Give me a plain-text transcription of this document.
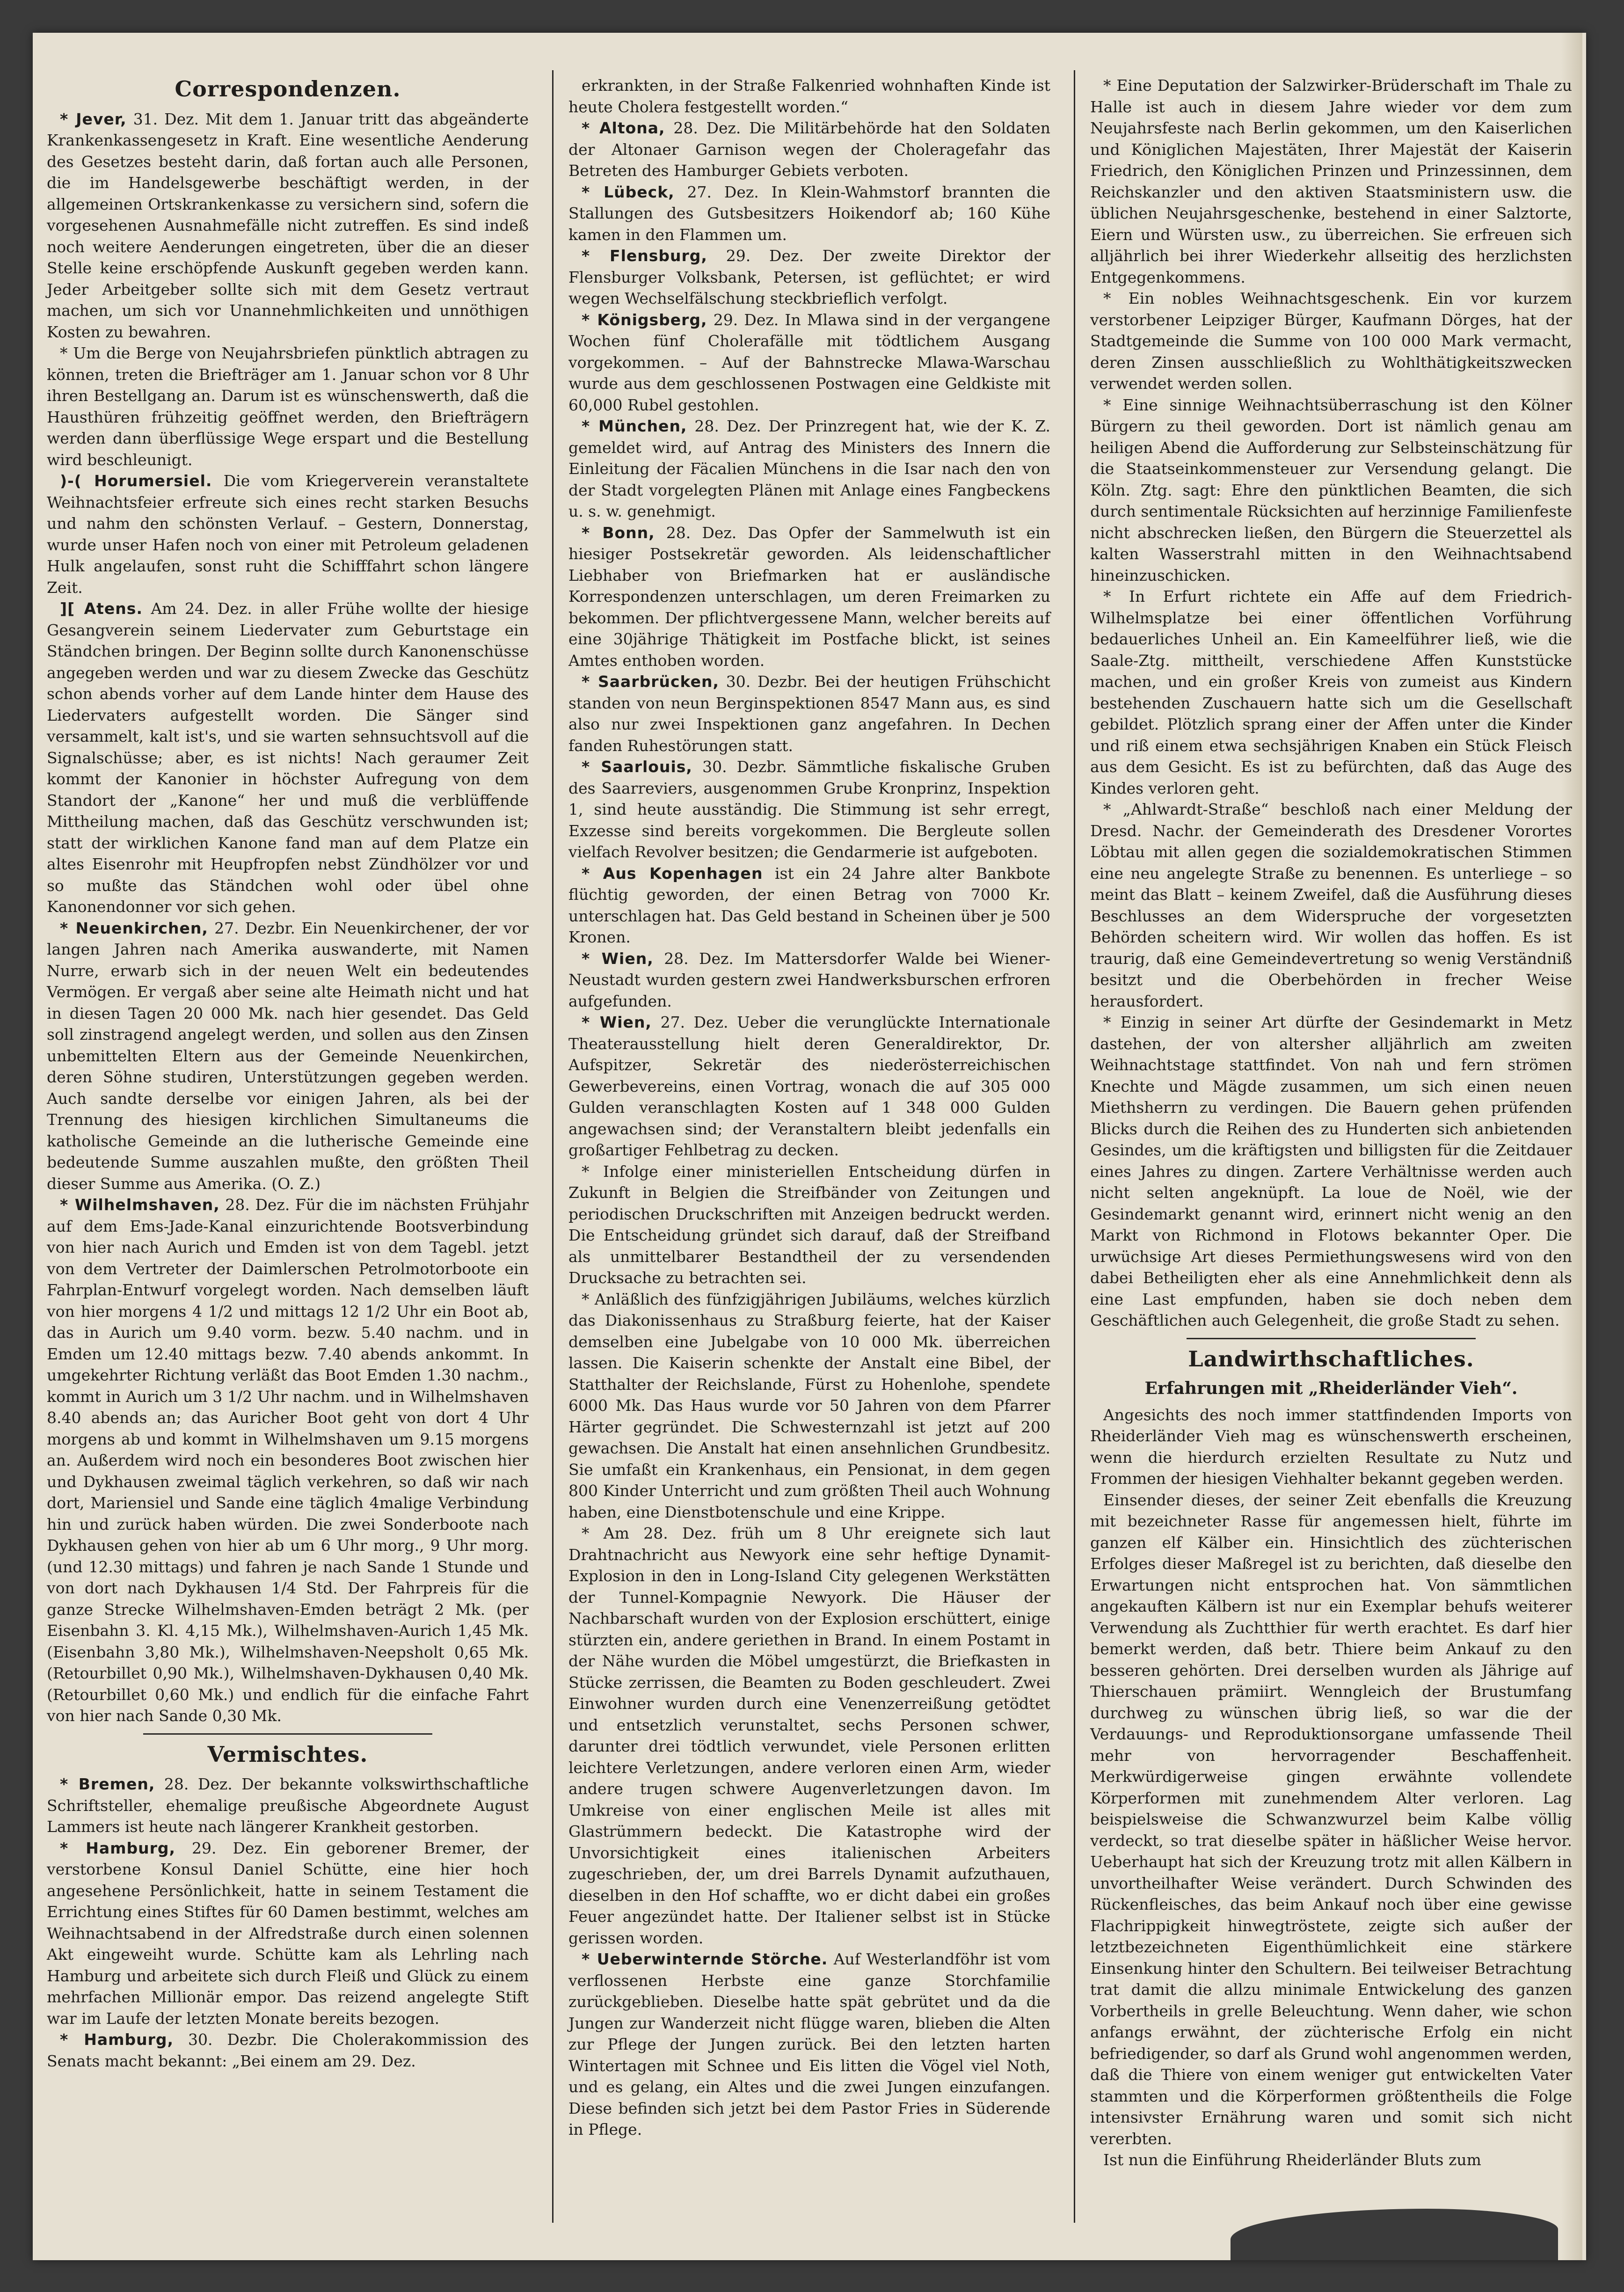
Correspondenzen.

* Jever, 31. Dez. Mit dem 1. Januar tritt das abgeänderte Krankenkassengesetz in Kraft. Eine wesentliche Aenderung des Gesetzes besteht darin, daß fortan auch alle Personen, die im Handelsgewerbe beschäftigt werden, in der allgemeinen Ortskrankenkasse zu versichern sind, sofern die vorgesehenen Ausnahmefälle nicht zutreffen. Es sind indeß noch weitere Aenderungen eingetreten, über die an dieser Stelle keine erschöpfende Auskunft gegeben werden kann. Jeder Arbeitgeber sollte sich mit dem Gesetz vertraut machen, um sich vor Unannehmlichkeiten und unnöthigen Kosten zu bewahren.

* Um die Berge von Neujahrsbriefen pünktlich abtragen zu können, treten die Briefträger am 1. Januar schon vor 8 Uhr ihren Bestellgang an. Darum ist es wünschenswerth, daß die Hausthüren frühzeitig geöffnet werden, den Briefträgern werden dann überflüssige Wege erspart und die Bestellung wird beschleunigt.

)-( Horumersiel. Die vom Kriegerverein veranstaltete Weihnachtsfeier erfreute sich eines recht starken Besuchs und nahm den schönsten Verlauf. – Gestern, Donnerstag, wurde unser Hafen noch von einer mit Petroleum geladenen Hulk angelaufen, sonst ruht die Schifffahrt schon längere Zeit.

][ Atens. Am 24. Dez. in aller Frühe wollte der hiesige Gesangverein seinem Liedervater zum Geburtstage ein Ständchen bringen. Der Beginn sollte durch Kanonenschüsse angegeben werden und war zu diesem Zwecke das Geschütz schon abends vorher auf dem Lande hinter dem Hause des Liedervaters aufgestellt worden. Die Sänger sind versammelt, kalt ist's, und sie warten sehnsuchtsvoll auf die Signalschüsse; aber, es ist nichts! Nach geraumer Zeit kommt der Kanonier in höchster Aufregung von dem Standort der „Kanone“ her und muß die verblüffende Mittheilung machen, daß das Geschütz verschwunden ist; statt der wirklichen Kanone fand man auf dem Platze ein altes Eisenrohr mit Heupfropfen nebst Zündhölzer vor und so mußte das Ständchen wohl oder übel ohne Kanonendonner vor sich gehen.

* Neuenkirchen, 27. Dezbr. Ein Neuenkirchener, der vor langen Jahren nach Amerika auswanderte, mit Namen Nurre, erwarb sich in der neuen Welt ein bedeutendes Vermögen. Er vergaß aber seine alte Heimath nicht und hat in diesen Tagen 20 000 Mk. nach hier gesendet. Das Geld soll zinstragend angelegt werden, und sollen aus den Zinsen unbemittelten Eltern aus der Gemeinde Neuenkirchen, deren Söhne studiren, Unterstützungen gegeben werden. Auch sandte derselbe vor einigen Jahren, als bei der Trennung des hiesigen kirchlichen Simultaneums die katholische Gemeinde an die lutherische Gemeinde eine bedeutende Summe auszahlen mußte, den größten Theil dieser Summe aus Amerika. (O. Z.)

* Wilhelmshaven, 28. Dez. Für die im nächsten Frühjahr auf dem Ems-Jade-Kanal einzurichtende Bootsverbindung von hier nach Aurich und Emden ist von dem Tagebl. jetzt von dem Vertreter der Daimlerschen Petrolmotorboote ein Fahrplan-Entwurf vorgelegt worden. Nach demselben läuft von hier morgens 4 1/2 und mittags 12 1/2 Uhr ein Boot ab, das in Aurich um 9.40 vorm. bezw. 5.40 nachm. und in Emden um 12.40 mittags bezw. 7.40 abends ankommt. In umgekehrter Richtung verläßt das Boot Emden 1.30 nachm., kommt in Aurich um 3 1/2 Uhr nachm. und in Wilhelmshaven 8.40 abends an; das Auricher Boot geht von dort 4 Uhr morgens ab und kommt in Wilhelmshaven um 9.15 morgens an. Außerdem wird noch ein besonderes Boot zwischen hier und Dykhausen zweimal täglich verkehren, so daß wir nach dort, Mariensiel und Sande eine täglich 4malige Verbindung hin und zurück haben würden. Die zwei Sonderboote nach Dykhausen gehen von hier ab um 6 Uhr morg., 9 Uhr morg. (und 12.30 mittags) und fahren je nach Sande 1 Stunde und von dort nach Dykhausen 1/4 Std. Der Fahrpreis für die ganze Strecke Wilhelmshaven-Emden beträgt 2 Mk. (per Eisenbahn 3. Kl. 4,15 Mk.), Wilhelmshaven-Aurich 1,45 Mk. (Eisenbahn 3,80 Mk.), Wilhelmshaven-Neepsholt 0,65 Mk. (Retourbillet 0,90 Mk.), Wilhelmshaven-Dykhausen 0,40 Mk. (Retourbillet 0,60 Mk.) und endlich für die einfache Fahrt von hier nach Sande 0,30 Mk.

Vermischtes.

* Bremen, 28. Dez. Der bekannte volkswirthschaftliche Schriftsteller, ehemalige preußische Abgeordnete August Lammers ist heute nach längerer Krankheit gestorben.

* Hamburg, 29. Dez. Ein geborener Bremer, der verstorbene Konsul Daniel Schütte, eine hier hoch angesehene Persönlichkeit, hatte in seinem Testament die Errichtung eines Stiftes für 60 Damen bestimmt, welches am Weihnachtsabend in der Alfredstraße durch einen solennen Akt eingeweiht wurde. Schütte kam als Lehrling nach Hamburg und arbeitete sich durch Fleiß und Glück zu einem mehrfachen Millionär empor. Das reizend angelegte Stift war im Laufe der letzten Monate bereits bezogen.

* Hamburg, 30. Dezbr. Die Cholerakommission des Senats macht bekannt: „Bei einem am 29. Dez.

erkrankten, in der Straße Falkenried wohnhaften Kinde ist heute Cholera festgestellt worden.“

* Altona, 28. Dez. Die Militärbehörde hat den Soldaten der Altonaer Garnison wegen der Choleragefahr das Betreten des Hamburger Gebiets verboten.

* Lübeck, 27. Dez. In Klein-Wahmstorf brannten die Stallungen des Gutsbesitzers Hoikendorf ab; 160 Kühe kamen in den Flammen um.

* Flensburg, 29. Dez. Der zweite Direktor der Flensburger Volksbank, Petersen, ist geflüchtet; er wird wegen Wechselfälschung steckbrieflich verfolgt.

* Königsberg, 29. Dez. In Mlawa sind in der vergangene Wochen fünf Cholerafälle mit tödtlichem Ausgang vorgekommen. – Auf der Bahnstrecke Mlawa-Warschau wurde aus dem geschlossenen Postwagen eine Geldkiste mit 60,000 Rubel gestohlen.

* München, 28. Dez. Der Prinzregent hat, wie der K. Z. gemeldet wird, auf Antrag des Ministers des Innern die Einleitung der Fäcalien Münchens in die Isar nach den von der Stadt vorgelegten Plänen mit Anlage eines Fangbeckens u. s. w. genehmigt.

* Bonn, 28. Dez. Das Opfer der Sammelwuth ist ein hiesiger Postsekretär geworden. Als leidenschaftlicher Liebhaber von Briefmarken hat er ausländische Korrespondenzen unterschlagen, um deren Freimarken zu bekommen. Der pflichtvergessene Mann, welcher bereits auf eine 30jährige Thätigkeit im Postfache blickt, ist seines Amtes enthoben worden.

* Saarbrücken, 30. Dezbr. Bei der heutigen Frühschicht standen von neun Berginspektionen 8547 Mann aus, es sind also nur zwei Inspektionen ganz angefahren. In Dechen fanden Ruhestörungen statt.

* Saarlouis, 30. Dezbr. Sämmtliche fiskalische Gruben des Saarreviers, ausgenommen Grube Kronprinz, Inspektion 1, sind heute ausständig. Die Stimmung ist sehr erregt, Exzesse sind bereits vorgekommen. Die Bergleute sollen vielfach Revolver besitzen; die Gendarmerie ist aufgeboten.

* Aus Kopenhagen ist ein 24 Jahre alter Bankbote flüchtig geworden, der einen Betrag von 7000 Kr. unterschlagen hat. Das Geld bestand in Scheinen über je 500 Kronen.

* Wien, 28. Dez. Im Mattersdorfer Walde bei Wiener-Neustadt wurden gestern zwei Handwerksburschen erfroren aufgefunden.

* Wien, 27. Dez. Ueber die verunglückte Internationale Theaterausstellung hielt deren Generaldirektor, Dr. Aufspitzer, Sekretär des niederösterreichischen Gewerbevereins, einen Vortrag, wonach die auf 305 000 Gulden veranschlagten Kosten auf 1 348 000 Gulden angewachsen sind; der Veranstaltern bleibt jedenfalls ein großartiger Fehlbetrag zu decken.

* Infolge einer ministeriellen Entscheidung dürfen in Zukunft in Belgien die Streifbänder von Zeitungen und periodischen Druckschriften mit Anzeigen bedruckt werden. Die Entscheidung gründet sich darauf, daß der Streifband als unmittelbarer Bestandtheil der zu versendenden Drucksache zu betrachten sei.

* Anläßlich des fünfzigjährigen Jubiläums, welches kürzlich das Diakonissenhaus zu Straßburg feierte, hat der Kaiser demselben eine Jubelgabe von 10 000 Mk. überreichen lassen. Die Kaiserin schenkte der Anstalt eine Bibel, der Statthalter der Reichslande, Fürst zu Hohenlohe, spendete 6000 Mk. Das Haus wurde vor 50 Jahren von dem Pfarrer Härter gegründet. Die Schwesternzahl ist jetzt auf 200 gewachsen. Die Anstalt hat einen ansehnlichen Grundbesitz. Sie umfaßt ein Krankenhaus, ein Pensionat, in dem gegen 800 Kinder Unterricht und zum größten Theil auch Wohnung haben, eine Dienstbotenschule und eine Krippe.

* Am 28. Dez. früh um 8 Uhr ereignete sich laut Drahtnachricht aus Newyork eine sehr heftige Dynamit-Explosion in den in Long-Island City gelegenen Werkstätten der Tunnel-Kompagnie Newyork. Die Häuser der Nachbarschaft wurden von der Explosion erschüttert, einige stürzten ein, andere geriethen in Brand. In einem Postamt in der Nähe wurden die Möbel umgestürzt, die Briefkasten in Stücke zerrissen, die Beamten zu Boden geschleudert. Zwei Einwohner wurden durch eine Venenzerreißung getödtet und entsetzlich verunstaltet, sechs Personen schwer, darunter drei tödtlich verwundet, viele Personen erlitten leichtere Verletzungen, andere verloren einen Arm, wieder andere trugen schwere Augenverletzungen davon. Im Umkreise von einer englischen Meile ist alles mit Glastrümmern bedeckt. Die Katastrophe wird der Unvorsichtigkeit eines italienischen Arbeiters zugeschrieben, der, um drei Barrels Dynamit aufzuthauen, dieselben in den Hof schaffte, wo er dicht dabei ein großes Feuer angezündet hatte. Der Italiener selbst ist in Stücke gerissen worden.

* Ueberwinternde Störche. Auf Westerlandföhr ist vom verflossenen Herbste eine ganze Storchfamilie zurückgeblieben. Dieselbe hatte spät gebrütet und da die Jungen zur Wanderzeit nicht flügge waren, blieben die Alten zur Pflege der Jungen zurück. Bei den letzten harten Wintertagen mit Schnee und Eis litten die Vögel viel Noth, und es gelang, ein Altes und die zwei Jungen einzufangen. Diese befinden sich jetzt bei dem Pastor Fries in Süderende in Pflege.

* Eine Deputation der Salzwirker-Brüderschaft im Thale zu Halle ist auch in diesem Jahre wieder vor dem zum Neujahrsfeste nach Berlin gekommen, um den Kaiserlichen und Königlichen Majestäten, Ihrer Majestät der Kaiserin Friedrich, den Königlichen Prinzen und Prinzessinnen, dem Reichskanzler und den aktiven Staatsministern usw. die üblichen Neujahrsgeschenke, bestehend in einer Salztorte, Eiern und Würsten usw., zu überreichen. Sie erfreuen sich alljährlich bei ihrer Wiederkehr allseitig des herzlichsten Entgegenkommens.

* Ein nobles Weihnachtsgeschenk. Ein vor kurzem verstorbener Leipziger Bürger, Kaufmann Dörges, hat der Stadtgemeinde die Summe von 100 000 Mark vermacht, deren Zinsen ausschließlich zu Wohlthätigkeitszwecken verwendet werden sollen.

* Eine sinnige Weihnachtsüberraschung ist den Kölner Bürgern zu theil geworden. Dort ist nämlich genau am heiligen Abend die Aufforderung zur Selbsteinschätzung für die Staatseinkommensteuer zur Versendung gelangt. Die Köln. Ztg. sagt: Ehre den pünktlichen Beamten, die sich durch sentimentale Rücksichten auf herzinnige Familienfeste nicht abschrecken ließen, den Bürgern die Steuerzettel als kalten Wasserstrahl mitten in den Weihnachtsabend hineinzuschicken.

* In Erfurt richtete ein Affe auf dem Friedrich-Wilhelmsplatze bei einer öffentlichen Vorführung bedauerliches Unheil an. Ein Kameelführer ließ, wie die Saale-Ztg. mittheilt, verschiedene Affen Kunststücke machen, und ein großer Kreis von zumeist aus Kindern bestehenden Zuschauern hatte sich um die Gesellschaft gebildet. Plötzlich sprang einer der Affen unter die Kinder und riß einem etwa sechsjährigen Knaben ein Stück Fleisch aus dem Gesicht. Es ist zu befürchten, daß das Auge des Kindes verloren geht.

* „Ahlwardt-Straße“ beschloß nach einer Meldung der Dresd. Nachr. der Gemeinderath des Dresdener Vorortes Löbtau mit allen gegen die sozialdemokratischen Stimmen eine neu angelegte Straße zu benennen. Es unterliege – so meint das Blatt – keinem Zweifel, daß die Ausführung dieses Beschlusses an dem Widerspruche der vorgesetzten Behörden scheitern wird. Wir wollen das hoffen. Es ist traurig, daß eine Gemeindevertretung so wenig Verständniß besitzt und die Oberbehörden in frecher Weise herausfordert.

* Einzig in seiner Art dürfte der Gesindemarkt in Metz dastehen, der von altersher alljährlich am zweiten Weihnachtstage stattfindet. Von nah und fern strömen Knechte und Mägde zusammen, um sich einen neuen Miethsherrn zu verdingen. Die Bauern gehen prüfenden Blicks durch die Reihen des zu Hunderten sich anbietenden Gesindes, um die kräftigsten und billigsten für die Zeitdauer eines Jahres zu dingen. Zartere Verhältnisse werden auch nicht selten angeknüpft. La loue de Noël, wie der Gesindemarkt genannt wird, erinnert nicht wenig an den Markt von Richmond in Flotows bekannter Oper. Die urwüchsige Art dieses Permiethungswesens wird von den dabei Betheiligten eher als eine Annehmlichkeit denn als eine Last empfunden, haben sie doch neben dem Geschäftlichen auch Gelegenheit, die große Stadt zu sehen.

Landwirthschaftliches.
Erfahrungen mit „Rheiderländer Vieh“.

Angesichts des noch immer stattfindenden Imports von Rheiderländer Vieh mag es wünschenswerth erscheinen, wenn die hierdurch erzielten Resultate zu Nutz und Frommen der hiesigen Viehhalter bekannt gegeben werden.

Einsender dieses, der seiner Zeit ebenfalls die Kreuzung mit bezeichneter Rasse für angemessen hielt, führte im ganzen elf Kälber ein. Hinsichtlich des züchterischen Erfolges dieser Maßregel ist zu berichten, daß dieselbe den Erwartungen nicht entsprochen hat. Von sämmtlichen angekauften Kälbern ist nur ein Exemplar behufs weiterer Verwendung als Zuchtthier für werth erachtet. Es darf hier bemerkt werden, daß betr. Thiere beim Ankauf zu den besseren gehörten. Drei derselben wurden als Jährige auf Thierschauen prämiirt. Wenngleich der Brustumfang durchweg zu wünschen übrig ließ, so war die der Verdauungs- und Reproduktionsorgane umfassende Theil mehr von hervorragender Beschaffenheit. Merkwürdigerweise gingen erwähnte vollendete Körperformen mit zunehmendem Alter verloren. Lag beispielsweise die Schwanzwurzel beim Kalbe völlig verdeckt, so trat dieselbe später in häßlicher Weise hervor. Ueberhaupt hat sich der Kreuzung trotz mit allen Kälbern in unvortheilhafter Weise verändert. Durch Schwinden des Rückenfleisches, das beim Ankauf noch über eine gewisse Flachrippigkeit hinwegtröstete, zeigte sich außer der letztbezeichneten Eigenthümlichkeit eine stärkere Einsenkung hinter den Schultern. Bei teilweiser Betrachtung trat damit die allzu minimale Entwickelung des ganzen Vorbertheils in grelle Beleuchtung. Wenn daher, wie schon anfangs erwähnt, der züchterische Erfolg ein nicht befriedigender, so darf als Grund wohl angenommen werden, daß die Thiere von einem weniger gut entwickelten Vater stammten und die Körperformen größtentheils die Folge intensivster Ernährung waren und somit sich nicht vererbten.

Ist nun die Einführung Rheiderländer Bluts zum
